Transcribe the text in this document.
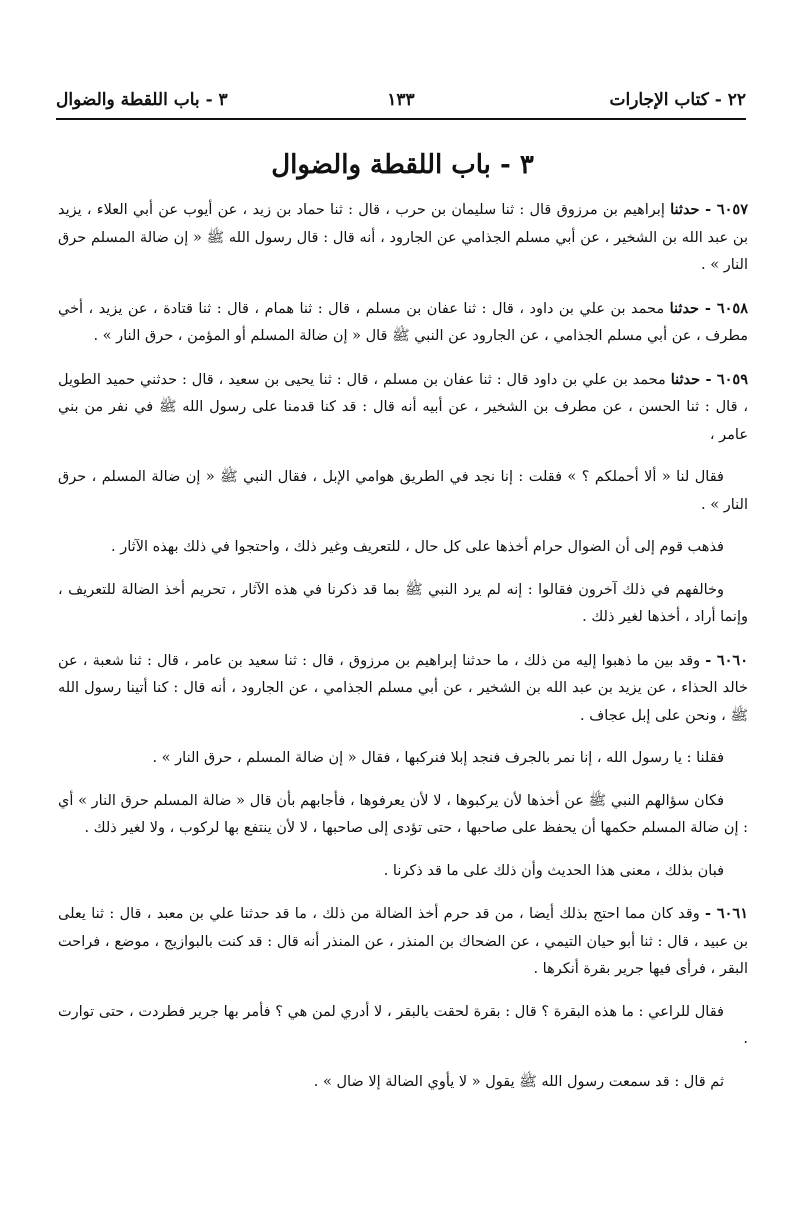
٢٢ - كتاب الإجارات
١٣٣
٣ - باب اللقطة والضوال
٣ - باب اللقطة والضوال

٦٠٥٧ - حدثنا إبراهيم بن مرزوق قال : ثنا سليمان بن حرب ، قال : ثنا حماد بن زيد ، عن أيوب عن أبي العلاء ، يزيد بن عبد الله بن الشخير ، عن أبي مسلم الجذامي عن الجارود ، أنه قال : قال رسول الله ﷺ « إن ضالة المسلم حرق النار » .

٦٠٥٨ - حدثنا محمد بن علي بن داود ، قال : ثنا عفان بن مسلم ، قال : ثنا همام ، قال : ثنا قتادة ، عن يزيد ، أخي مطرف ، عن أبي مسلم الجذامي ، عن الجارود عن النبي ﷺ قال « إن ضالة المسلم أو المؤمن ، حرق النار » .

٦٠٥٩ - حدثنا محمد بن علي بن داود قال : ثنا عفان بن مسلم ، قال : ثنا يحيى بن سعيد ، قال : حدثني حميد الطويل ، قال : ثنا الحسن ، عن مطرف بن الشخير ، عن أبيه أنه قال : قد كنا قدمنا على رسول الله ﷺ في نفر من بني عامر ،

فقال لنا « ألا أحملكم ؟ » فقلت : إنا نجد في الطريق هوامي الإبل ، فقال النبي ﷺ « إن ضالة المسلم ، حرق النار » .

فذهب قوم إلى أن الضوال حرام أخذها على كل حال ، للتعريف وغير ذلك ، واحتجوا في ذلك بهذه الآثار .

وخالفهم في ذلك آخرون فقالوا : إنه لم يرد النبي ﷺ بما قد ذكرنا في هذه الآثار ، تحريم أخذ الضالة للتعريف ، وإنما أراد ، أخذها لغير ذلك .

٦٠٦٠ - وقد بين ما ذهبوا إليه من ذلك ، ما حدثنا إبراهيم بن مرزوق ، قال : ثنا سعيد بن عامر ، قال : ثنا شعبة ، عن خالد الحذاء ، عن يزيد بن عبد الله بن الشخير ، عن أبي مسلم الجذامي ، عن الجارود ، أنه قال : كنا أتينا رسول الله ﷺ ، ونحن على إبل عجاف .

فقلنا : يا رسول الله ، إنا نمر بالجرف فنجد إبلا فنركبها ، فقال « إن ضالة المسلم ، حرق النار » .

فكان سؤالهم النبي ﷺ عن أخذها لأن يركبوها ، لا لأن يعرفوها ، فأجابهم بأن قال « ضالة المسلم حرق النار » أي : إن ضالة المسلم حكمها أن يحفظ على صاحبها ، حتى تؤدى إلى صاحبها ، لا لأن ينتفع بها لركوب ، ولا لغير ذلك .

فبان بذلك ، معنى هذا الحديث وأن ذلك على ما قد ذكرنا .

٦٠٦١ - وقد كان مما احتج بذلك أيضا ، من قد حرم أخذ الضالة من ذلك ، ما قد حدثنا علي بن معبد ، قال : ثنا يعلى بن عبيد ، قال : ثنا أبو حيان التيمي ، عن الضحاك بن المنذر ، عن المنذر أنه قال : قد كنت بالبوازيج ، موضع ، فراحت البقر ، فرأى فيها جرير بقرة أنكرها .

فقال للراعي : ما هذه البقرة ؟ قال : بقرة لحقت بالبقر ، لا أدري لمن هي ؟ فأمر بها جرير فطردت ، حتى توارت .

ثم قال : قد سمعت رسول الله ﷺ يقول « لا يأوي الضالة إلا ضال » .
